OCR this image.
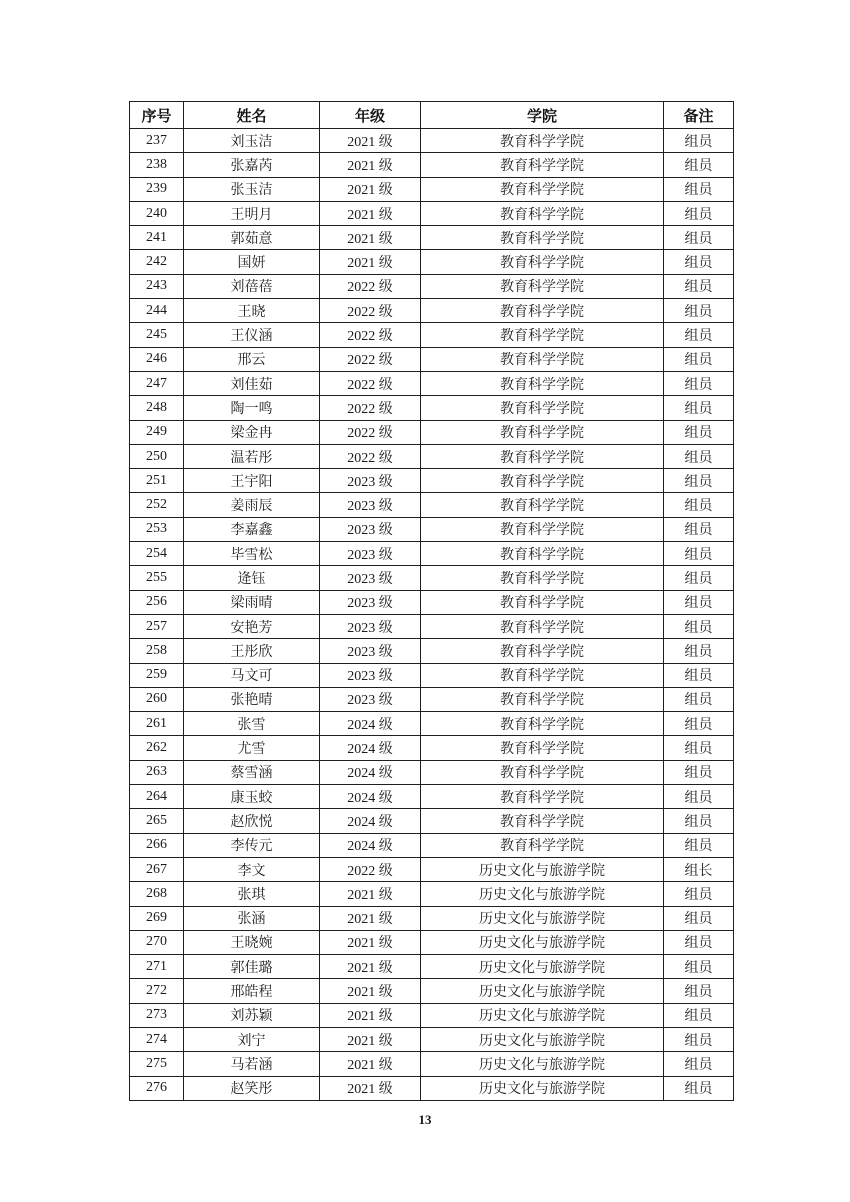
序号	姓名	年级	学院	备注
237	刘玉洁	2021 级	教育科学学院	组员
238	张嘉芮	2021 级	教育科学学院	组员
239	张玉洁	2021 级	教育科学学院	组员
240	王明月	2021 级	教育科学学院	组员
241	郭茹意	2021 级	教育科学学院	组员
242	国妍	2021 级	教育科学学院	组员
243	刘蓓蓓	2022 级	教育科学学院	组员
244	王晓	2022 级	教育科学学院	组员
245	王仪涵	2022 级	教育科学学院	组员
246	邢云	2022 级	教育科学学院	组员
247	刘佳茹	2022 级	教育科学学院	组员
248	陶一鸣	2022 级	教育科学学院	组员
249	梁金冉	2022 级	教育科学学院	组员
250	温若彤	2022 级	教育科学学院	组员
251	王宇阳	2023 级	教育科学学院	组员
252	姜雨辰	2023 级	教育科学学院	组员
253	李嘉鑫	2023 级	教育科学学院	组员
254	毕雪松	2023 级	教育科学学院	组员
255	逄钰	2023 级	教育科学学院	组员
256	梁雨晴	2023 级	教育科学学院	组员
257	安艳芳	2023 级	教育科学学院	组员
258	王彤欣	2023 级	教育科学学院	组员
259	马文可	2023 级	教育科学学院	组员
260	张艳晴	2023 级	教育科学学院	组员
261	张雪	2024 级	教育科学学院	组员
262	尤雪	2024 级	教育科学学院	组员
263	蔡雪涵	2024 级	教育科学学院	组员
264	康玉蛟	2024 级	教育科学学院	组员
265	赵欣悦	2024 级	教育科学学院	组员
266	李传元	2024 级	教育科学学院	组员
267	李文	2022 级	历史文化与旅游学院	组长
268	张琪	2021 级	历史文化与旅游学院	组员
269	张涵	2021 级	历史文化与旅游学院	组员
270	王晓婉	2021 级	历史文化与旅游学院	组员
271	郭佳璐	2021 级	历史文化与旅游学院	组员
272	邢皓程	2021 级	历史文化与旅游学院	组员
273	刘苏颖	2021 级	历史文化与旅游学院	组员
274	刘宁	2021 级	历史文化与旅游学院	组员
275	马若涵	2021 级	历史文化与旅游学院	组员
276	赵笑彤	2021 级	历史文化与旅游学院	组员
13
